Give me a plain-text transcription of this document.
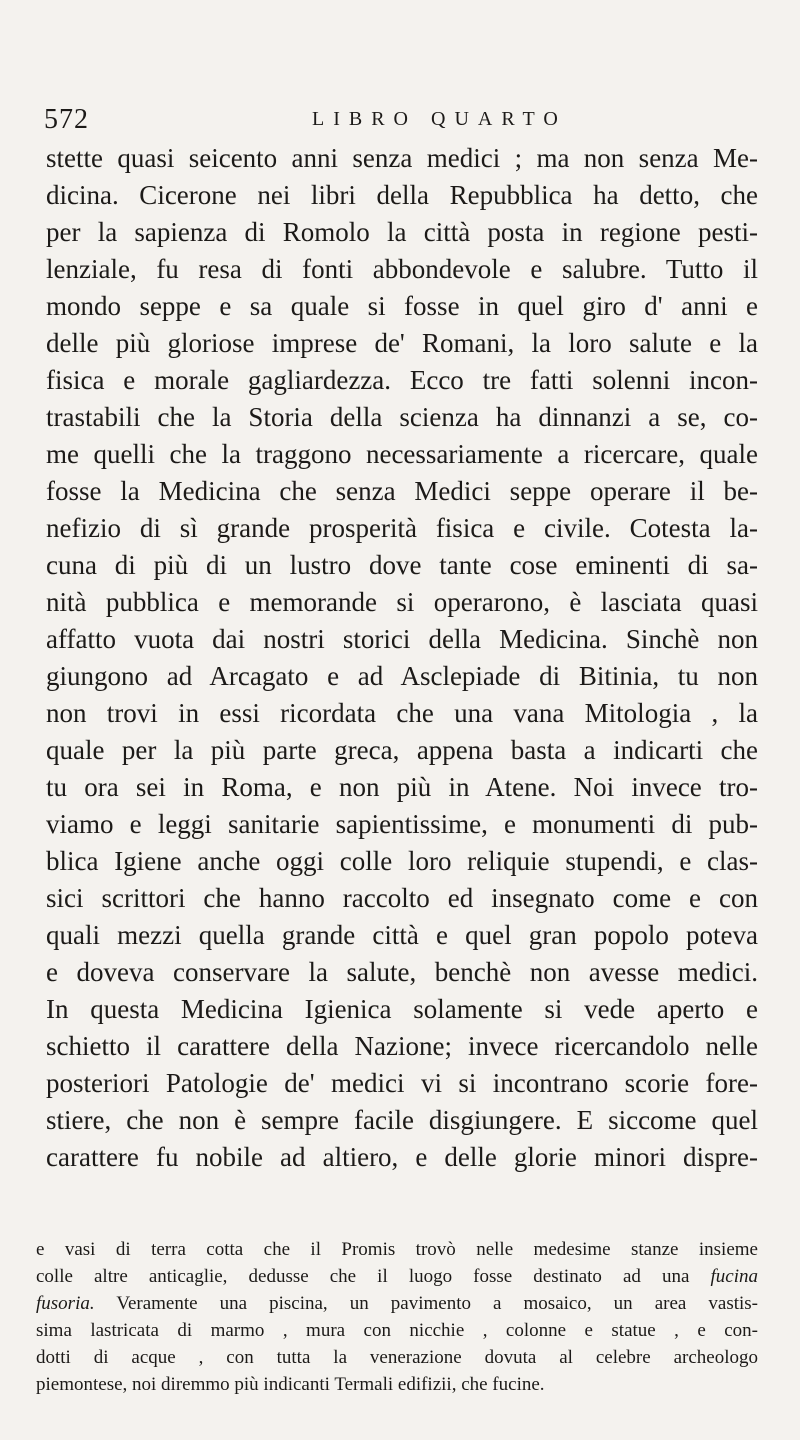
572	LIBRO QUARTO
stette quasi seicento anni senza medici ; ma non senza Me-
dicina. Cicerone nei libri della Repubblica ha detto, che
per la sapienza di Romolo la città posta in regione pesti-
lenziale, fu resa di fonti abbondevole e salubre. Tutto il
mondo seppe e sa quale si fosse in quel giro d' anni e
delle più gloriose imprese de' Romani, la loro salute e la
fisica e morale gagliardezza. Ecco tre fatti solenni incon-
trastabili che la Storia della scienza ha dinnanzi a se, co-
me quelli che la traggono necessariamente a ricercare, quale
fosse la Medicina che senza Medici seppe operare il be-
nefizio di sì grande prosperità fisica e civile. Cotesta la-
cuna di più di un lustro dove tante cose eminenti di sa-
nità pubblica e memorande si operarono, è lasciata quasi
affatto vuota dai nostri storici della Medicina. Sinchè non
giungono ad Arcagato e ad Asclepiade di Bitinia, tu non
non trovi in essi ricordata che una vana Mitologia , la
quale per la più parte greca, appena basta a indicarti che
tu ora sei in Roma, e non più in Atene. Noi invece tro-
viamo e leggi sanitarie sapientissime, e monumenti di pub-
blica Igiene anche oggi colle loro reliquie stupendi, e clas-
sici scrittori che hanno raccolto ed insegnato come e con
quali mezzi quella grande città e quel gran popolo poteva
e doveva conservare la salute, benchè non avesse medici.
In questa Medicina Igienica solamente si vede aperto e
schietto il carattere della Nazione; invece ricercandolo nelle
posteriori Patologie de' medici vi si incontrano scorie fore-
stiere, che non è sempre facile disgiungere. E siccome quel
carattere fu nobile ad altiero, e delle glorie minori dispre-
e vasi di terra cotta che il Promis trovò nelle medesime stanze insieme
colle altre anticaglie, dedusse che il luogo fosse destinato ad una fucina
fusoria. Veramente una piscina, un pavimento a mosaico, un area vastis-
sima lastricata di marmo , mura con nicchie , colonne e statue , e con-
dotti di acque , con tutta la venerazione dovuta al celebre archeologo
piemontese, noi diremmo più indicanti Termali edifizii, che fucine.
